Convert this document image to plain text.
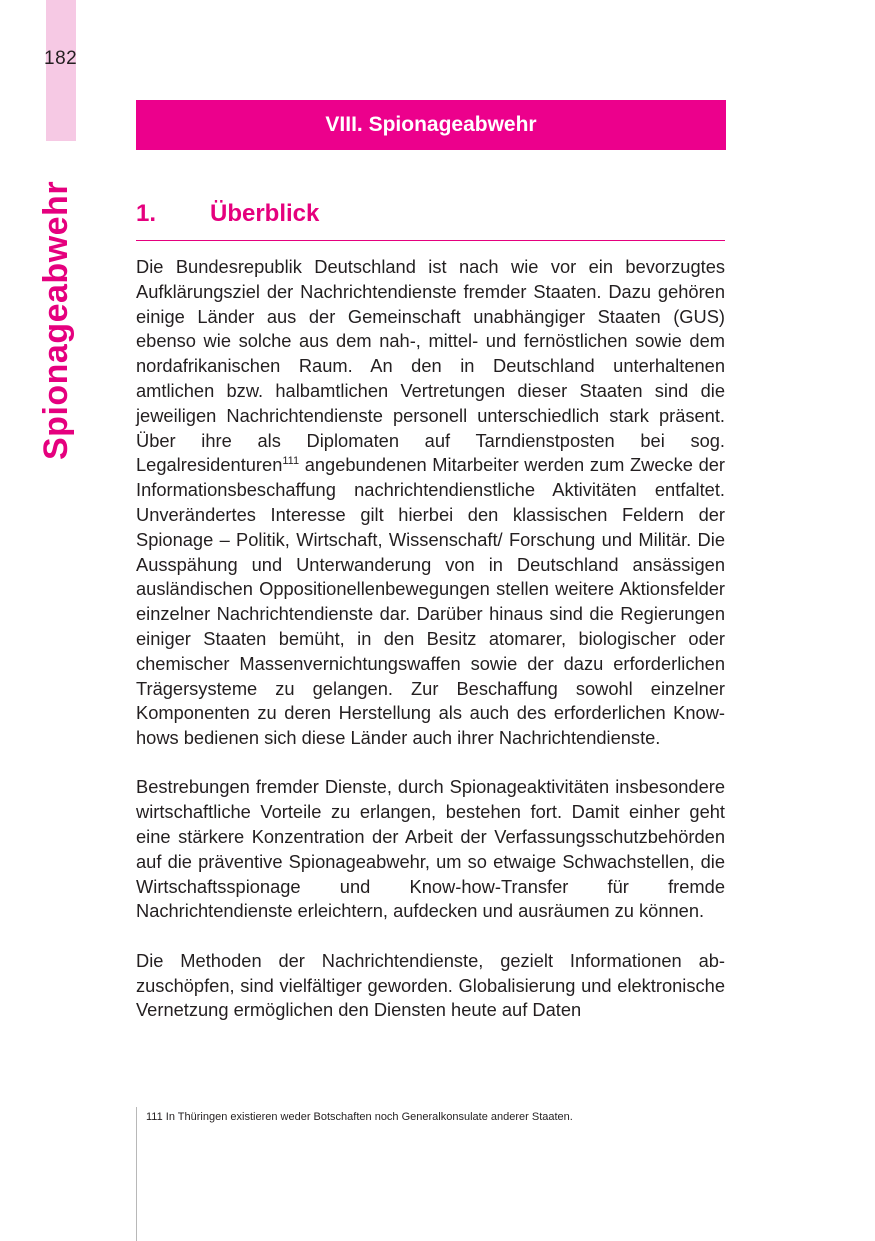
182
Spionageabwehr
VIII. Spionageabwehr
1. Überblick

Die Bundesrepublik Deutschland ist nach wie vor ein bevorzugtes Aufklärungsziel der Nachrichtendienste fremder Staaten. Dazu gehören einige Länder aus der Gemeinschaft unabhängiger Staaten (GUS) ebenso wie solche aus dem nah-, mittel- und fernöstlichen sowie dem nordafrikanischen Raum. An den in Deutschland unterhaltenen amtlichen bzw. halbamtlichen Vertretungen dieser Staaten sind die jeweiligen Nachrichtendienste personell unterschiedlich stark präsent. Über ihre als Diplomaten auf Tarndienstposten bei sog. Legalresidenturen$^{111}$ angebundenen Mitarbeiter werden zum Zwecke der Informationsbeschaffung nachrichtendienstliche Aktivitäten entfaltet. Unverändertes Interesse gilt hierbei den klassischen Feldern der Spionage – Politik, Wirtschaft, Wissenschaft/ Forschung und Militär. Die Ausspähung und Unterwanderung von in Deutschland ansässigen ausländischen Oppositionellenbewegungen stellen weitere Aktionsfelder einzelner Nachrichtendienste dar. Darüber hinaus sind die Regierungen einiger Staaten bemüht, in den Besitz atomarer, biologischer oder chemischer Massenvernichtungswaffen sowie der dazu erforderlichen Trägersysteme zu gelangen. Zur Beschaffung sowohl einzelner Komponenten zu deren Herstellung als auch des erforderlichen Know-hows bedienen sich diese Länder auch ihrer Nachrichtendienste.

Bestrebungen fremder Dienste, durch Spionageaktivitäten insbesondere wirtschaftliche Vorteile zu erlangen, bestehen fort. Damit einher geht eine stärkere Konzentration der Arbeit der Verfassungsschutzbehörden auf die präventive Spionageabwehr, um so etwaige Schwachstellen, die Wirtschaftsspionage und Know-how-Transfer für fremde Nachrichtendienste erleichtern, aufdecken und ausräumen zu können.

Die Methoden der Nachrichtendienste, gezielt Informationen abzuschöpfen, sind vielfältiger geworden. Globalisierung und elektronische Vernetzung ermöglichen den Diensten heute auf Daten

111 In Thüringen existieren weder Botschaften noch Generalkonsulate anderer Staaten.
